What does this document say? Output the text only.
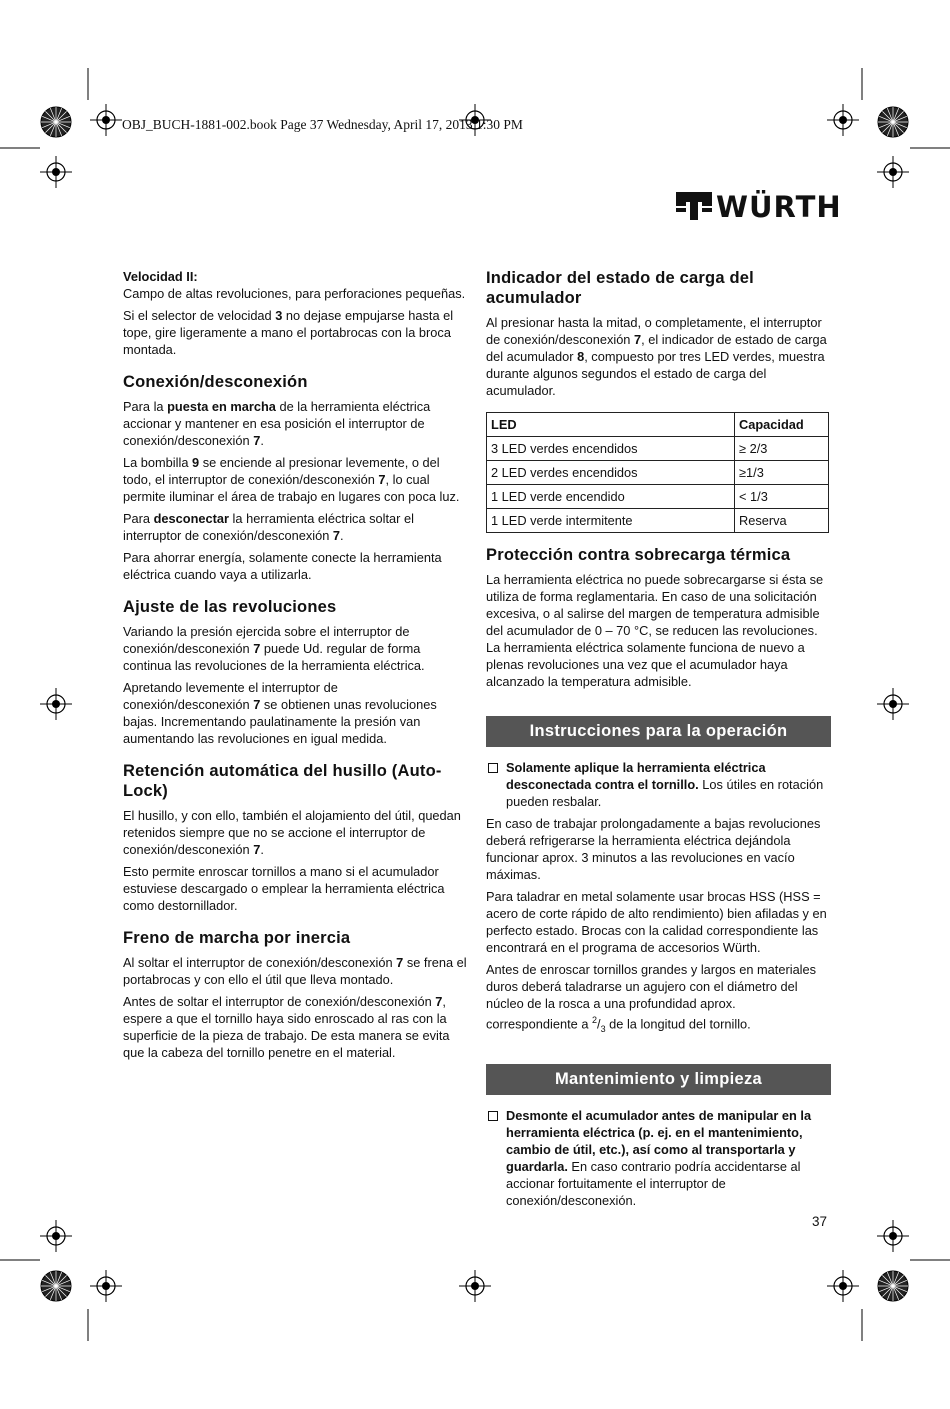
OBJ_BUCH-1881-002.book Page 37 Wednesday, April 17, 2013 1:30 PM
WÜRTH

Velocidad II:

Campo de altas revoluciones, para perforaciones pequeñas.

Si el selector de velocidad 3 no dejase empujarse hasta el tope, gire ligeramente a mano el portabrocas con la broca montada.

Conexión/desconexión

Para la puesta en marcha de la herramienta eléctrica accionar y mantener en esa posición el interruptor de conexión/desconexión 7.

La bombilla 9 se enciende al presionar levemente, o del todo, el interruptor de conexión/desconexión 7, lo cual permite iluminar el área de trabajo en lugares con poca luz.

Para desconectar la herramienta eléctrica soltar el interruptor de conexión/desconexión 7.

Para ahorrar energía, solamente conecte la herramienta eléctrica cuando vaya a utilizarla.

Ajuste de las revoluciones

Variando la presión ejercida sobre el interruptor de conexión/desconexión 7 puede Ud. regular de forma continua las revoluciones de la herramienta eléctrica.

Apretando levemente el interruptor de conexión/desconexión 7 se obtienen unas revoluciones bajas. Incrementando paulatinamente la presión van aumentando las revoluciones en igual medida.

Retención automática del husillo (Auto-Lock)

El husillo, y con ello, también el alojamiento del útil, quedan retenidos siempre que no se accione el interruptor de conexión/desconexión 7.

Esto permite enroscar tornillos a mano si el acumulador estuviese descargado o emplear la herramienta eléctrica como destornillador.

Freno de marcha por inercia

Al soltar el interruptor de conexión/desconexión 7 se frena el portabrocas y con ello el útil que lleva montado.

Antes de soltar el interruptor de conexión/desconexión 7, espere a que el tornillo haya sido enroscado al ras con la superficie de la pieza de trabajo. De esta manera se evita que la cabeza del tornillo penetre en el material.

Indicador del estado de carga del acumulador

Al presionar hasta la mitad, o completamente, el interruptor de conexión/desconexión 7, el indicador de estado de carga del acumulador 8, compuesto por tres LED verdes, muestra durante algunos segundos el estado de carga del acumulador.

LED	Capacidad
3 LED verdes encendidos	≥ 2/3
2 LED verdes encendidos	≥1/3
1 LED verde encendido	< 1/3
1 LED verde intermitente	Reserva
Protección contra sobrecarga térmica

La herramienta eléctrica no puede sobrecargarse si ésta se utiliza de forma reglamentaria. En caso de una solicitación excesiva, o al salirse del margen de temperatura admisible del acumulador de 0 – 70 °C, se reducen las revoluciones. La herramienta eléctrica solamente funciona de nuevo a plenas revoluciones una vez que el acumulador haya alcanzado la temperatura admisible.

Instrucciones para la operación

Solamente aplique la herramienta eléctrica desconectada contra el tornillo. Los útiles en rotación pueden resbalar.

En caso de trabajar prolongadamente a bajas revoluciones deberá refrigerarse la herramienta eléctrica dejándola funcionar aprox. 3 minutos a las revoluciones en vacío máximas.

Para taladrar en metal solamente usar brocas HSS (HSS = acero de corte rápido de alto rendimiento) bien afiladas y en perfecto estado. Brocas con la calidad correspondiente las encontrará en el programa de accesorios Würth.

Antes de enroscar tornillos grandes y largos en materiales duros deberá taladrarse un agujero con el diámetro del núcleo de la rosca a una profundidad aprox. correspondiente a $^2/_3$ de la longitud del tornillo.

Mantenimiento y limpieza

Desmonte el acumulador antes de manipular en la herramienta eléctrica (p. ej. en el mantenimiento, cambio de útil, etc.), así como al transportarla y guardarla. En caso contrario podría accidentarse al accionar fortuitamente el interruptor de conexión/desconexión.

37
